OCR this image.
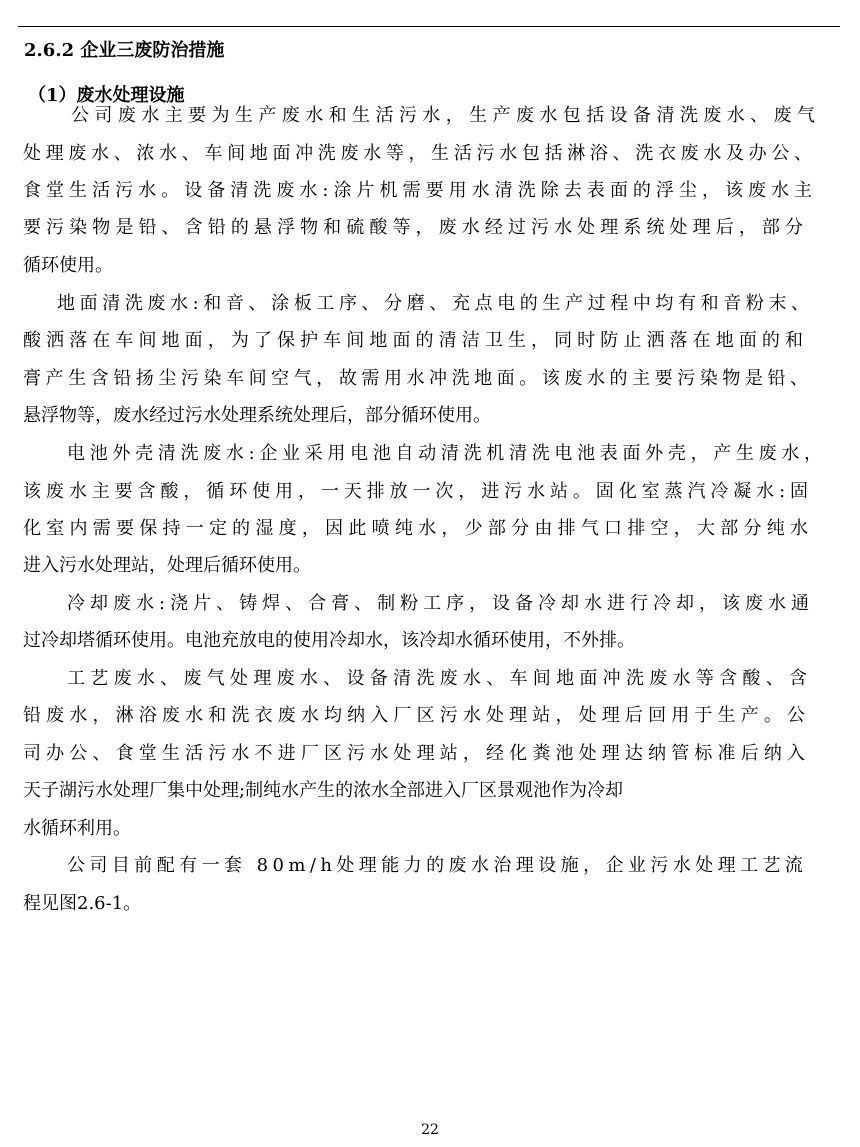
2.6.2 企业三废防治措施
（1）废水处理设施
公司废水主要为生产废水和生活污水，生产废水包括设备清洗废水、废气
处理废水、浓水、车间地面冲洗废水等，生活污水包括淋浴、洗衣废水及办公、
食堂生活污水。设备清洗废水:涂片机需要用水清洗除去表面的浮尘，该废水主
要污染物是铅、含铅的悬浮物和硫酸等，废水经过污水处理系统处理后，部分
循环使用。
地面清洗废水:和音、涂板工序、分磨、充点电的生产过程中均有和音粉末、
酸洒落在车间地面，为了保护车间地面的清洁卫生，同时防止洒落在地面的和
膏产生含铅扬尘污染车间空气，故需用水冲洗地面。该废水的主要污染物是铅、
悬浮物等，废水经过污水处理系统处理后，部分循环使用。
电池外壳清洗废水:企业采用电池自动清洗机清洗电池表面外壳，产生废水，
该废水主要含酸，循环使用，一天排放一次，进污水站。固化室蒸汽冷凝水:固
化室内需要保持一定的湿度，因此喷纯水，少部分由排气口排空，大部分纯水
进入污水处理站，处理后循环使用。
冷却废水:浇片、铸焊、合膏、制粉工序，设备冷却水进行冷却，该废水通
过冷却塔循环使用。电池充放电的使用冷却水，该冷却水循环使用，不外排。
工艺废水、废气处理废水、设备清洗废水、车间地面冲洗废水等含酸、含
铅废水，淋浴废水和洗衣废水均纳入厂区污水处理站，处理后回用于生产。公
司办公、食堂生活污水不进厂区污水处理站，经化粪池处理达纳管标准后纳入
天子湖污水处理厂集中处理;制纯水产生的浓水全部进入厂区景观池作为冷却
水循环利用。
公司目前配有一套 80m/h处理能力的废水治理设施，企业污水处理工艺流
程见图2.6-1。
22
